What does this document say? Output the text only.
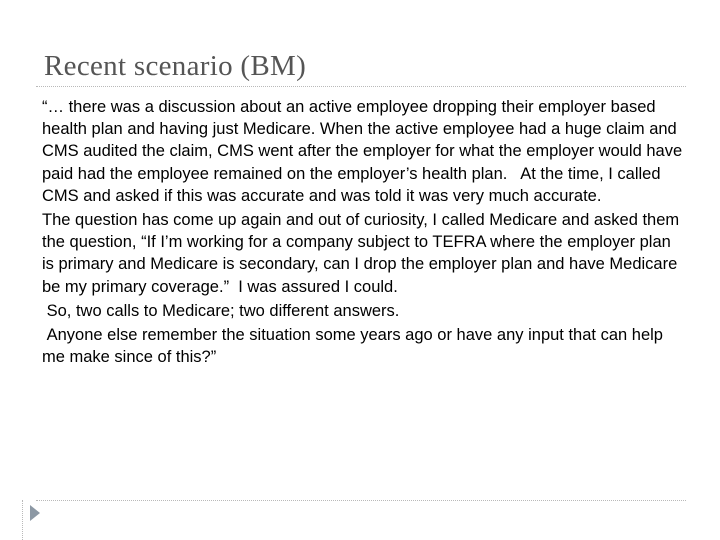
Recent scenario (BM)

“… there was a discussion about an active employee dropping their employer based health plan and having just Medicare. When the active employee had a huge claim and CMS audited the claim, CMS went after the employer for what the employer would have paid had the employee remained on the employer’s health plan.   At the time, I called CMS and asked if this was accurate and was told it was very much accurate.

The question has come up again and out of curiosity, I called Medicare and asked them the question, “If I’m working for a company subject to TEFRA where the employer plan is primary and Medicare is secondary, can I drop the employer plan and have Medicare be my primary coverage.”  I was assured I could.

So, two calls to Medicare; two different answers.

Anyone else remember the situation some years ago or have any input that can help me make since of this?”
